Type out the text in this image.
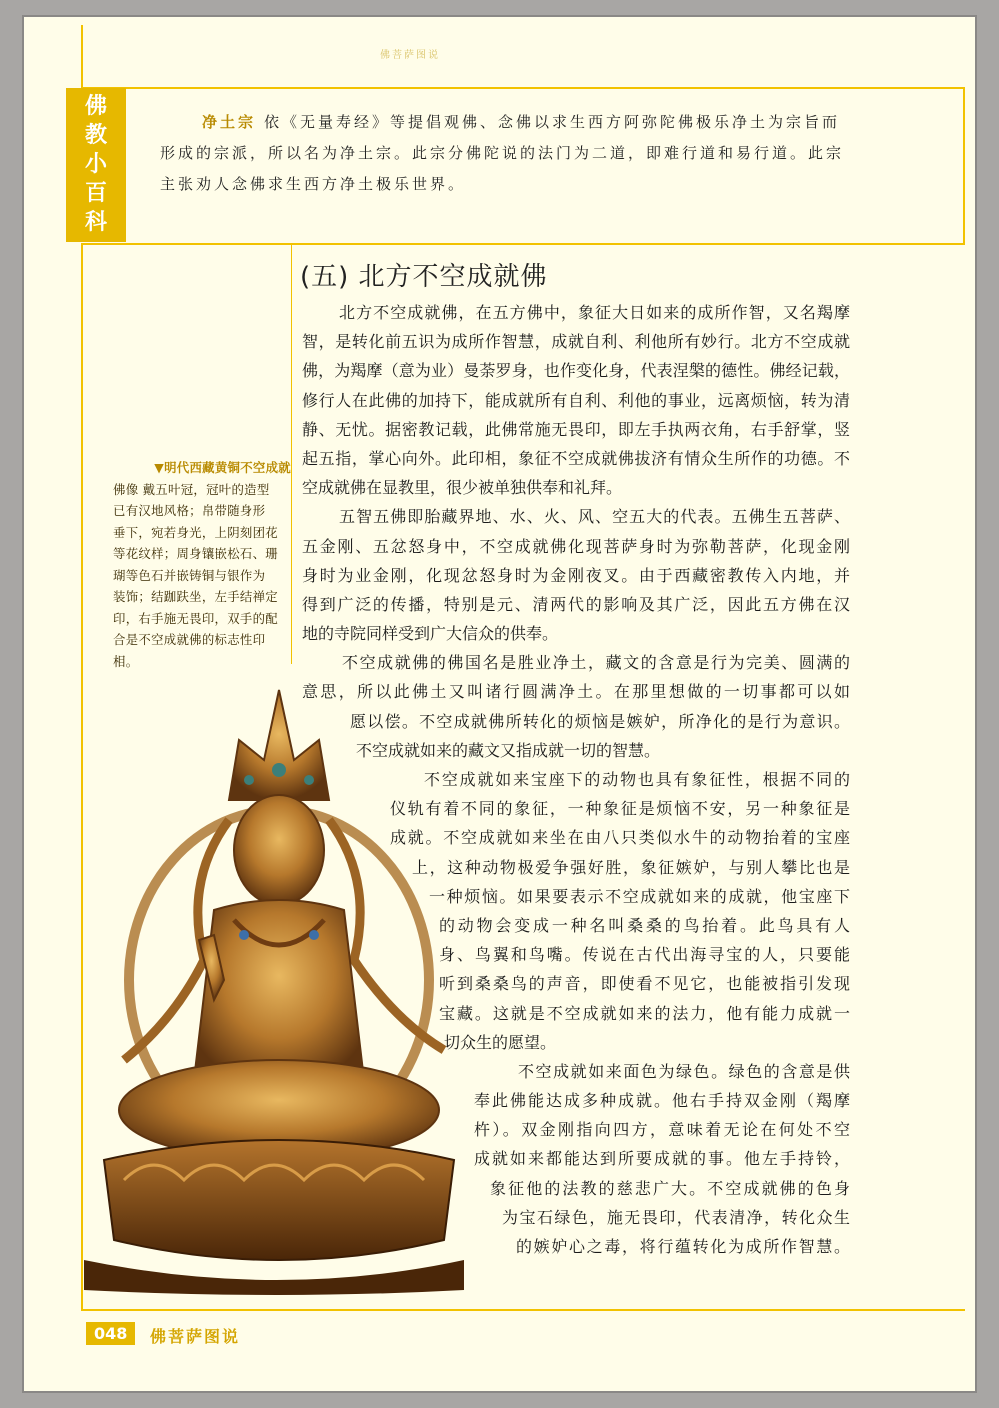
佛菩萨图说
佛
教
小
百
科
净土宗 依《无量寿经》等提倡观佛、念佛以求生西方阿弥陀佛极乐净土为宗旨而
形成的宗派，所以名为净土宗。此宗分佛陀说的法门为二道，即难行道和易行道。此宗
主张劝人念佛求生西方净土极乐世界。
(五) 北方不空成就佛
▼明代西藏黄铜不空成就
佛像 戴五叶冠，冠叶的造型
已有汉地风格；帛带随身形
垂下，宛若身光，上阴刻团花
等花纹样；周身镶嵌松石、珊
瑚等色石并嵌铸铜与银作为
装饰；结跏趺坐，左手结禅定
印，右手施无畏印，双手的配
合是不空成就佛的标志性印
相。
北方不空成就佛，在五方佛中，象征大日如来的成所作智，又名羯摩
智，是转化前五识为成所作智慧，成就自利、利他所有妙行。北方不空成就
佛，为羯摩（意为业）曼荼罗身，也作变化身，代表涅槃的德性。佛经记载，
修行人在此佛的加持下，能成就所有自利、利他的事业，远离烦恼，转为清
静、无忧。据密教记载，此佛常施无畏印，即左手执两衣角，右手舒掌，竖
起五指，掌心向外。此印相，象征不空成就佛拔济有情众生所作的功德。不
空成就佛在显教里，很少被单独供奉和礼拜。
五智五佛即胎藏界地、水、火、风、空五大的代表。五佛生五菩萨、
五金刚、五忿怒身中，不空成就佛化现菩萨身时为弥勒菩萨，化现金刚
身时为业金刚，化现忿怒身时为金刚夜叉。由于西藏密教传入内地，并
得到广泛的传播，特别是元、清两代的影响及其广泛，因此五方佛在汉
地的寺院同样受到广大信众的供奉。
不空成就佛的佛国名是胜业净土，藏文的含意是行为完美、圆满的
意思，所以此佛土又叫诸行圆满净土。在那里想做的一切事都可以如
愿以偿。不空成就佛所转化的烦恼是嫉妒，所净化的是行为意识。
不空成就如来的藏文又指成就一切的智慧。
不空成就如来宝座下的动物也具有象征性，根据不同的
仪轨有着不同的象征，一种象征是烦恼不安，另一种象征是
成就。不空成就如来坐在由八只类似水牛的动物抬着的宝座
上，这种动物极爱争强好胜，象征嫉妒，与别人攀比也是
一种烦恼。如果要表示不空成就如来的成就，他宝座下
的动物会变成一种名叫桑桑的鸟抬着。此鸟具有人
身、鸟翼和鸟嘴。传说在古代出海寻宝的人，只要能
听到桑桑鸟的声音，即使看不见它，也能被指引发现
宝藏。这就是不空成就如来的法力，他有能力成就一
切众生的愿望。
不空成就如来面色为绿色。绿色的含意是供
奉此佛能达成多种成就。他右手持双金刚（羯摩
杵）。双金刚指向四方，意味着无论在何处不空
成就如来都能达到所要成就的事。他左手持铃，
象征他的法教的慈悲广大。不空成就佛的色身
为宝石绿色，施无畏印，代表清净，转化众生
的嫉妒心之毒，将行蕴转化为成所作智慧。
048	佛菩萨图说
